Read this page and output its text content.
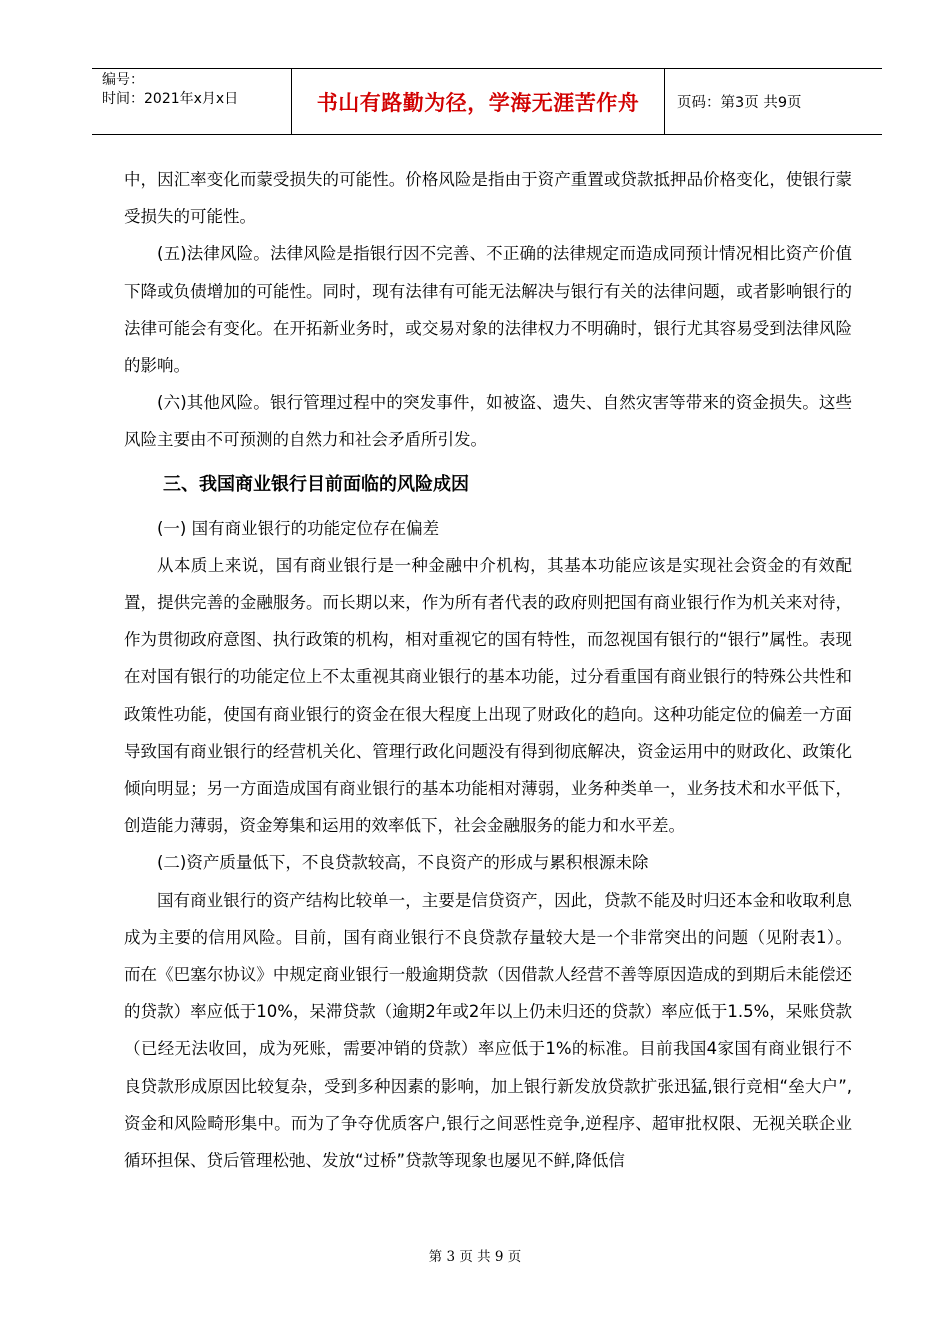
编号：
时间：2021年x月x日	书山有路勤为径，学海无涯苦作舟	页码：第3页 共9页
中，因汇率变化而蒙受损失的可能性。价格风险是指由于资产重置或贷款抵押品价格变化，使银行蒙受损失的可能性。
(五)法律风险。法律风险是指银行因不完善、不正确的法律规定而造成同预计情况相比资产价值下降或负债增加的可能性。同时，现有法律有可能无法解决与银行有关的法律问题，或者影响银行的法律可能会有变化。在开拓新业务时，或交易对象的法律权力不明确时，银行尤其容易受到法律风险的影响。
(六)其他风险。银行管理过程中的突发事件，如被盗、遗失、自然灾害等带来的资金损失。这些风险主要由不可预测的自然力和社会矛盾所引发。
三、我国商业银行目前面临的风险成因
(一) 国有商业银行的功能定位存在偏差
从本质上来说，国有商业银行是一种金融中介机构，其基本功能应该是实现社会资金的有效配置，提供完善的金融服务。而长期以来，作为所有者代表的政府则把国有商业银行作为机关来对待，作为贯彻政府意图、执行政策的机构，相对重视它的国有特性，而忽视国有银行的“银行”属性。表现在对国有银行的功能定位上不太重视其商业银行的基本功能，过分看重国有商业银行的特殊公共性和政策性功能，使国有商业银行的资金在很大程度上出现了财政化的趋向。这种功能定位的偏差一方面导致国有商业银行的经营机关化、管理行政化问题没有得到彻底解决，资金运用中的财政化、政策化倾向明显；另一方面造成国有商业银行的基本功能相对薄弱，业务种类单一，业务技术和水平低下，创造能力薄弱，资金筹集和运用的效率低下，社会金融服务的能力和水平差。
(二)资产质量低下，不良贷款较高，不良资产的形成与累积根源未除
国有商业银行的资产结构比较单一，主要是信贷资产，因此，贷款不能及时归还本金和收取利息成为主要的信用风险。目前，国有商业银行不良贷款存量较大是一个非常突出的问题（见附表1）。而在《巴塞尔协议》中规定商业银行一般逾期贷款（因借款人经营不善等原因造成的到期后未能偿还的贷款）率应低于10%，呆滞贷款（逾期2年或2年以上仍未归还的贷款）率应低于1.5%，呆账贷款（已经无法收回，成为死账，需要冲销的贷款）率应低于1%的标准。目前我国4家国有商业银行不良贷款形成原因比较复杂，受到多种因素的影响，加上银行新发放贷款扩张迅猛,银行竞相“垒大户”,资金和风险畸形集中。而为了争夺优质客户,银行之间恶性竞争,逆程序、超审批权限、无视关联企业循环担保、贷后管理松弛、发放“过桥”贷款等现象也屡见不鲜,降低信
第 3 页 共 9 页
